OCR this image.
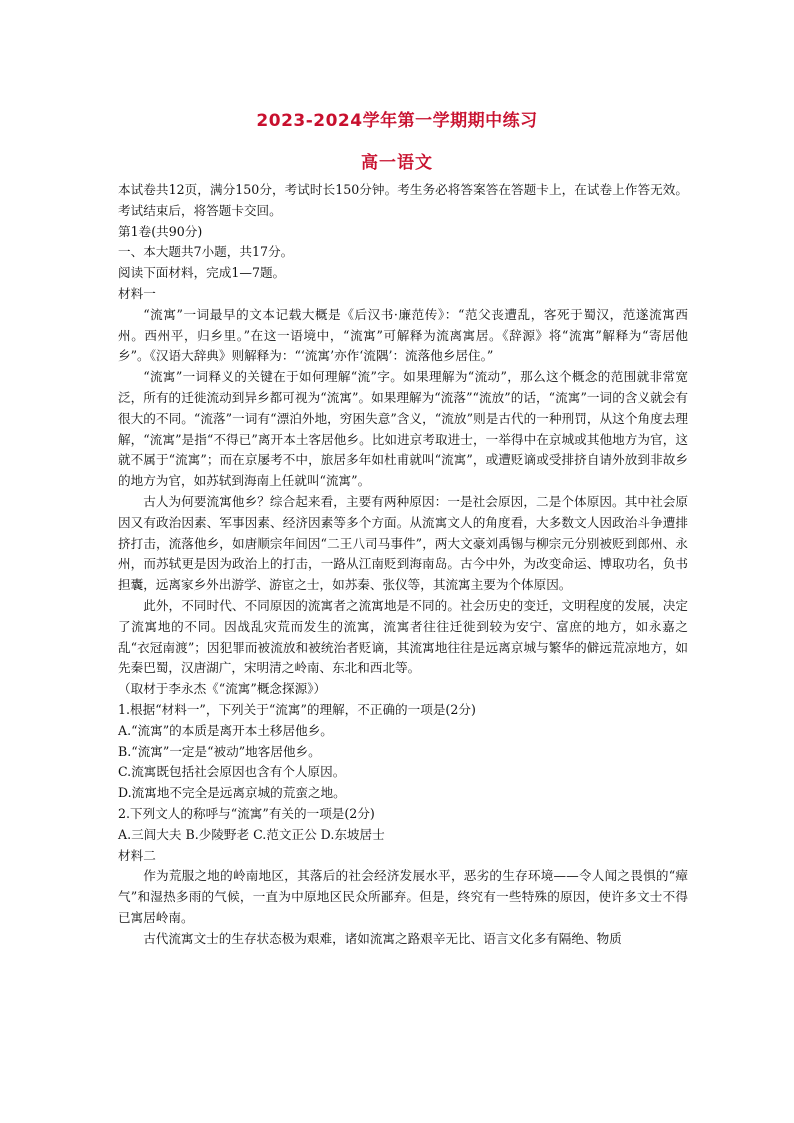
2023-2024学年第一学期期中练习
高一语文

本试卷共12页，满分150分，考试时长150分钟。考生务必将答案答在答题卡上，在试卷上作答无效。考试结束后，将答题卡交回。

第1卷(共90分)

一、本大题共7小题，共17分。

阅读下面材料，完成1—7题。

材料一

“流寓”一词最早的文本记载大概是《后汉书·廉范传》：“范父丧遭乱，客死于蜀汉，范遂流寓西州。西州平，归乡里。”在这一语境中，“流寓”可解释为流离寓居。《辞源》将“流寓”解释为“寄居他乡”。《汉语大辞典》则解释为：“‘流寓’亦作‘流隅’：流落他乡居住。”

“流寓”一词释义的关键在于如何理解“流”字。如果理解为“流动”，那么这个概念的范围就非常宽泛，所有的迁徙流动到异乡都可视为“流寓”。如果理解为“流落”“流放”的话，“流寓”一词的含义就会有很大的不同。“流落”一词有“漂泊外地，穷困失意”含义，“流放”则是古代的一种刑罚，从这个角度去理解，“流寓”是指“不得已”离开本土客居他乡。比如进京考取进士，一举得中在京城或其他地方为官，这就不属于“流寓”；而在京屡考不中，旅居多年如杜甫就叫“流寓”，或遭贬谪或受排挤自请外放到非故乡的地方为官，如苏轼到海南上任就叫“流寓”。

古人为何要流寓他乡？综合起来看，主要有两种原因：一是社会原因，二是个体原因。其中社会原因又有政治因素、军事因素、经济因素等多个方面。从流寓文人的角度看，大多数文人因政治斗争遭排挤打击，流落他乡，如唐顺宗年间因“二王八司马事件”，两大文豪刘禹锡与柳宗元分别被贬到郎州、永州，而苏轼更是因为政治上的打击，一路从江南贬到海南岛。古今中外，为改变命运、博取功名，负书担囊，远离家乡外出游学、游宦之士，如苏秦、张仪等，其流寓主要为个体原因。

此外，不同时代、不同原因的流寓者之流寓地是不同的。社会历史的变迁，文明程度的发展，决定了流寓地的不同。因战乱灾荒而发生的流寓，流寓者往往迁徙到较为安宁、富庶的地方，如永嘉之乱“衣冠南渡”；因犯罪而被流放和被统治者贬谪，其流寓地往往是远离京城与繁华的僻远荒凉地方，如先秦巴蜀，汉唐湖广，宋明清之岭南、东北和西北等。

（取材于李永杰《“流寓”概念探源》）

1.根据“材料一”，下列关于“流寓”的理解，不正确的一项是(2分)

A.“流寓”的本质是离开本土移居他乡。

B.“流寓”一定是“被动”地客居他乡。

C.流寓既包括社会原因也含有个人原因。

D.流寓地不完全是远离京城的荒蛮之地。

2.下列文人的称呼与“流寓”有关的一项是(2分)

A.三闾大夫 B.少陵野老 C.范文正公 D.东坡居士

材料二

作为荒服之地的岭南地区，其落后的社会经济发展水平，恶劣的生存环境——令人闻之畏惧的“瘴气”和湿热多雨的气候，一直为中原地区民众所鄙弃。但是，终究有一些特殊的原因，使许多文士不得已寓居岭南。

古代流寓文士的生存状态极为艰难，诸如流寓之路艰辛无比、语言文化多有隔绝、物质
